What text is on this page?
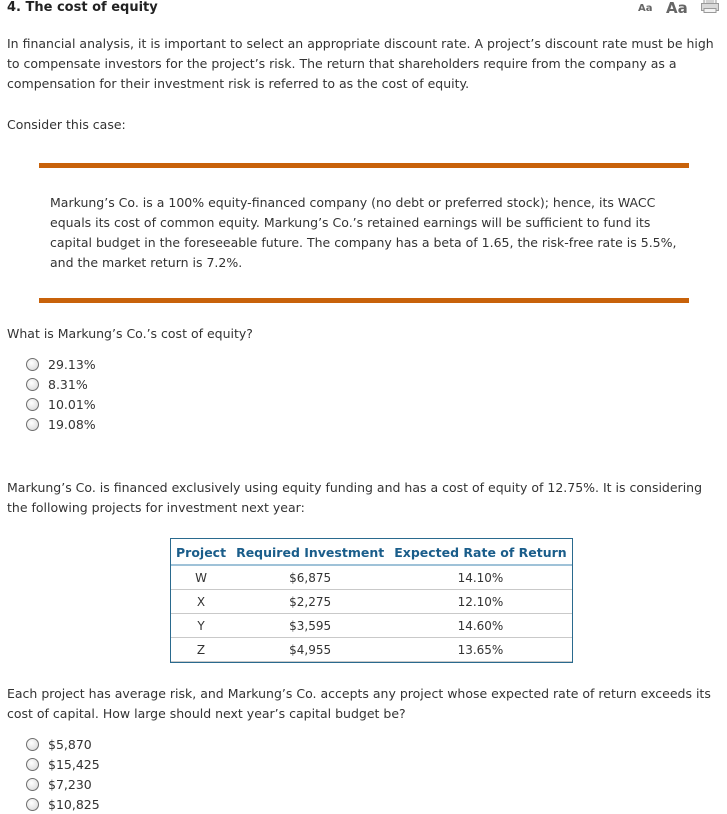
4. The cost of equity	Aa Aa

In financial analysis, it is important to select an appropriate discount rate. A project’s discount rate must be high to compensate investors for the project’s risk. The return that shareholders require from the company as a compensation for their investment risk is referred to as the cost of equity.

Consider this case:

Markung’s Co. is a 100% equity-financed company (no debt or preferred stock); hence, its WACC equals its cost of common equity. Markung’s Co.’s retained earnings will be sufficient to fund its capital budget in the foreseeable future. The company has a beta of 1.65, the risk-free rate is 5.5%, and the market return is 7.2%.

What is Markung’s Co.’s cost of equity?

29.13%
8.31%
10.01%
19.08%

Markung’s Co. is financed exclusively using equity funding and has a cost of equity of 12.75%. It is considering the following projects for investment next year:

Project	Required Investment	Expected Rate of Return
W	$6,875	14.10%
X	$2,275	12.10%
Y	$3,595	14.60%
Z	$4,955	13.65%

Each project has average risk, and Markung’s Co. accepts any project whose expected rate of return exceeds its cost of capital. How large should next year’s capital budget be?

$5,870
$15,425
$7,230
$10,825
